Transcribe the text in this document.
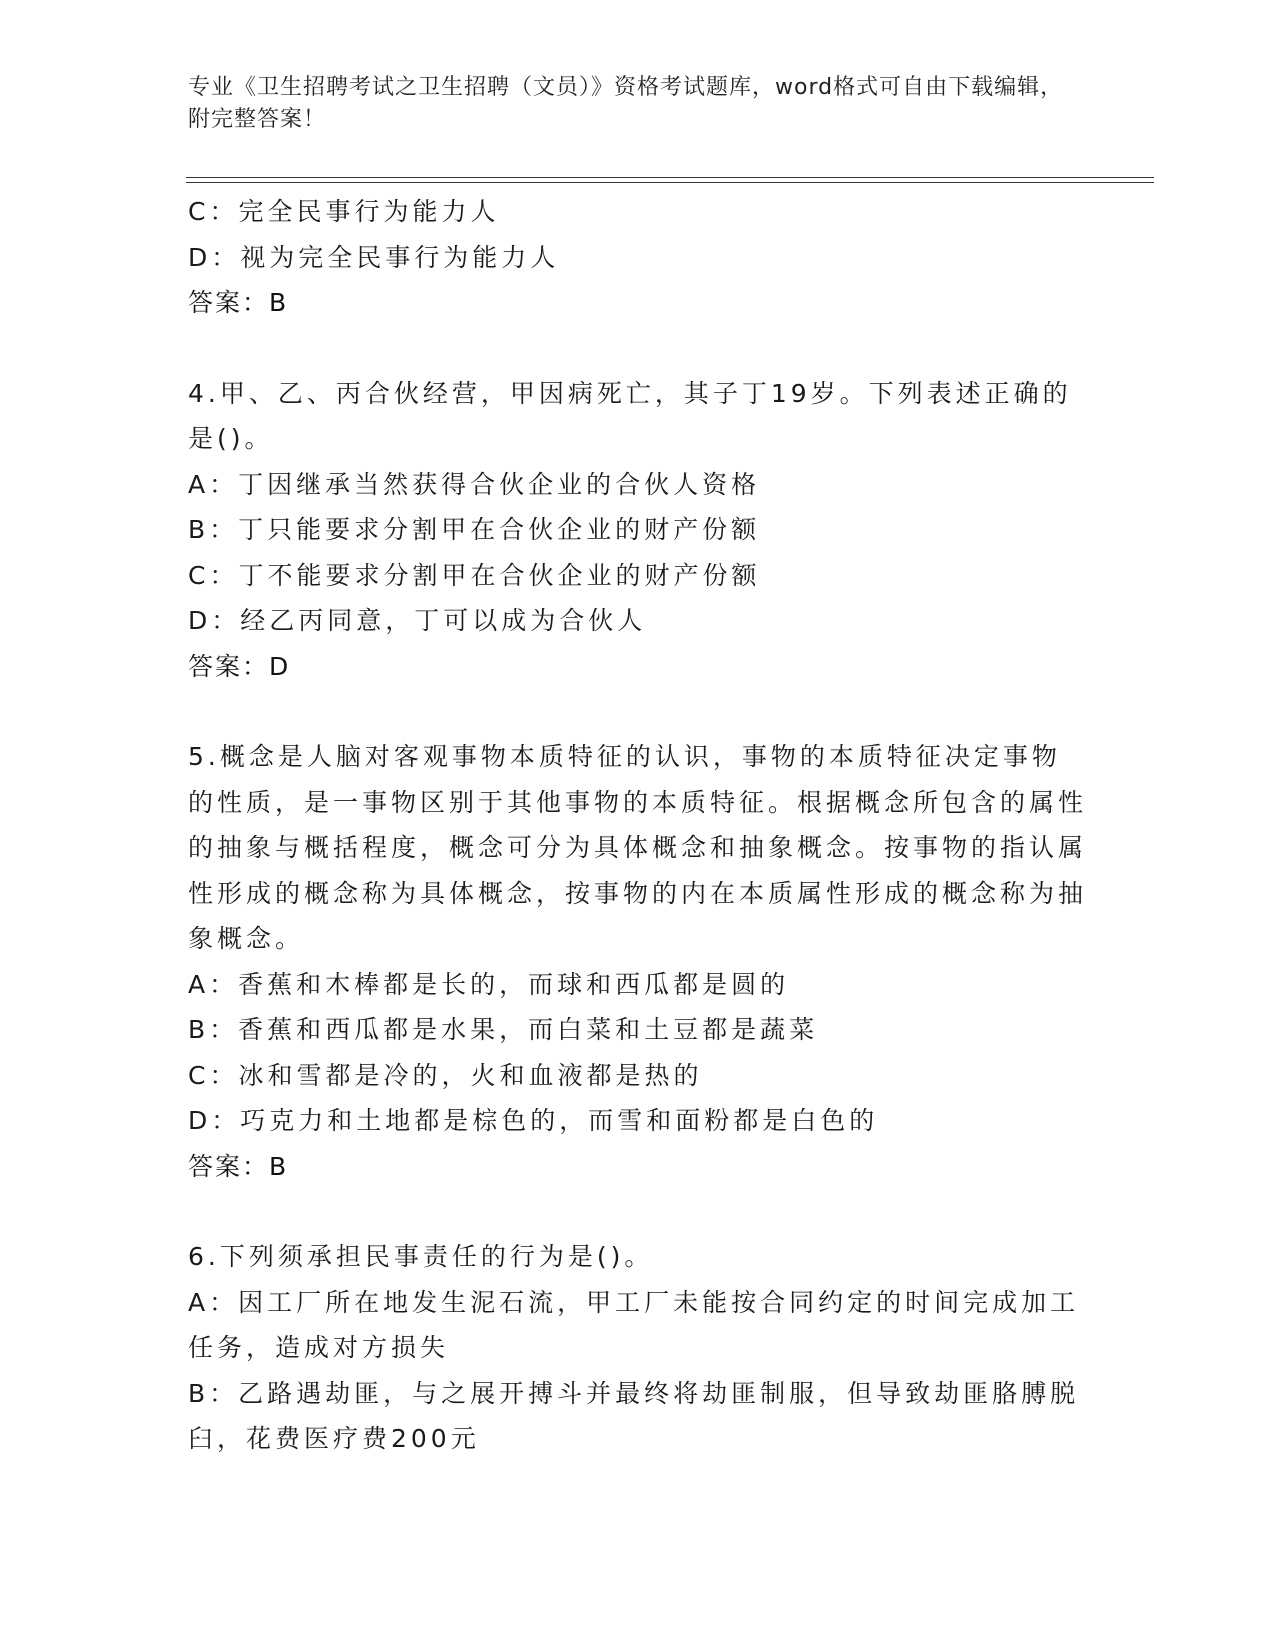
专业《卫生招聘考试之卫生招聘（文员）》资格考试题库，word格式可自由下载编辑，附完整答案！
C：完全民事行为能力人
D：视为完全民事行为能力人
答案：B
4.甲、乙、丙合伙经营，甲因病死亡，其子丁19岁。下列表述正确的是()。
A：丁因继承当然获得合伙企业的合伙人资格
B：丁只能要求分割甲在合伙企业的财产份额
C：丁不能要求分割甲在合伙企业的财产份额
D：经乙丙同意，丁可以成为合伙人
答案：D
5.概念是人脑对客观事物本质特征的认识，事物的本质特征决定事物的性质，是一事物区别于其他事物的本质特征。根据概念所包含的属性的抽象与概括程度，概念可分为具体概念和抽象概念。按事物的指认属性形成的概念称为具体概念，按事物的内在本质属性形成的概念称为抽象概念。
A：香蕉和木棒都是长的，而球和西瓜都是圆的
B：香蕉和西瓜都是水果，而白菜和土豆都是蔬菜
C：冰和雪都是冷的，火和血液都是热的
D：巧克力和土地都是棕色的，而雪和面粉都是白色的
答案：B
6.下列须承担民事责任的行为是()。
A：因工厂所在地发生泥石流，甲工厂未能按合同约定的时间完成加工任务，造成对方损失
B：乙路遇劫匪，与之展开搏斗并最终将劫匪制服，但导致劫匪胳膊脱臼，花费医疗费200元
